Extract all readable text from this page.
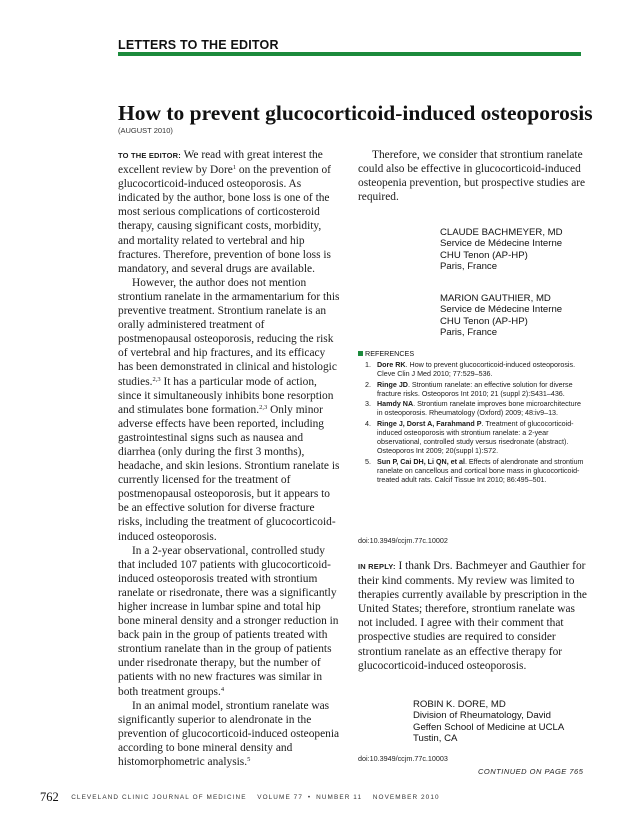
LETTERS TO THE EDITOR
How to prevent glucocorticoid-induced osteoporosis
(AUGUST 2010)

TO THE EDITOR: We read with great interest the excellent review by Dore$^1$ on the prevention of glucocorticoid-induced osteoporosis. As indicated by the author, bone loss is one of the most serious complications of corticosteroid therapy, causing significant costs, morbidity, and mortality related to vertebral and hip fractures. Therefore, prevention of bone loss is mandatory, and several drugs are available.

However, the author does not mention strontium ranelate in the armamentarium for this preventive treatment. Strontium ranelate is an orally administered treatment of postmenopausal osteoporosis, reducing the risk of vertebral and hip fractures, and its efficacy has been demonstrated in clinical and histologic studies.$^{2,3}$ It has a particular mode of action, since it simultaneously inhibits bone resorption and stimulates bone formation.$^{2,3}$ Only minor adverse effects have been reported, including gastrointestinal signs such as nausea and diarrhea (only during the first 3 months), headache, and skin lesions. Strontium ranelate is currently licensed for the treatment of postmenopausal osteoporosis, but it appears to be an effective solution for diverse fracture risks, including the treatment of glucocorticoid-induced osteoporosis.

In a 2-year observational, controlled study that included 107 patients with glucocorticoid-induced osteoporosis treated with strontium ranelate or risedronate, there was a significantly higher increase in lumbar spine and total hip bone mineral density and a stronger reduction in back pain in the group of patients treated with strontium ranelate than in the group of patients under risedronate therapy, but the number of patients with no new fractures was similar in both treatment groups.$^4$

In an animal model, strontium ranelate was significantly superior to alendronate in the prevention of glucocorticoid-induced osteopenia according to bone mineral density and histomorphometric analysis.$^5$

Therefore, we consider that strontium ranelate could also be effective in glucocorticoid-induced osteopenia prevention, but prospective studies are required.

CLAUDE BACHMEYER, MD
Service de Médecine Interne
CHU Tenon (AP-HP)
Paris, France
MARION GAUTHIER, MD
Service de Médecine Interne
CHU Tenon (AP-HP)
Paris, France
REFERENCES
1. Dore RK. How to prevent glucocorticoid-induced osteoporosis. Cleve Clin J Med 2010; 77:529–536.
2. Ringe JD. Strontium ranelate: an effective solution for diverse fracture risks. Osteoporos Int 2010; 21 (suppl 2):S431–436.
3. Hamdy NA. Strontium ranelate improves bone microarchitecture in osteoporosis. Rheumatology (Oxford) 2009; 48:iv9–13.
4. Ringe J, Dorst A, Farahmand P. Treatment of glucocorticoid-induced osteoporosis with strontium ranelate: a 2-year observational, controlled study versus risedronate (abstract). Osteoporos Int 2009; 20(suppl 1):S72.
5. Sun P, Cai DH, Li QN, et al. Effects of alendronate and strontium ranelate on cancellous and cortical bone mass in glucocorticoid-treated adult rats. Calcif Tissue Int 2010; 86:495–501.
doi:10.3949/ccjm.77c.10002

IN REPLY: I thank Drs. Bachmeyer and Gauthier for their kind comments. My review was limited to therapies currently available by prescription in the United States; therefore, strontium ranelate was not included. I agree with their comment that prospective studies are required to consider strontium ranelate as an effective therapy for glucocorticoid-induced osteoporosis.

ROBIN K. DORE, MD
Division of Rheumatology, David
Geffen School of Medicine at UCLA
Tustin, CA
doi:10.3949/ccjm.77c.10003
CONTINUED ON PAGE 765
762 CLEVELAND CLINIC JOURNAL OF MEDICINE VOLUME 77 • NUMBER 11 NOVEMBER 2010
